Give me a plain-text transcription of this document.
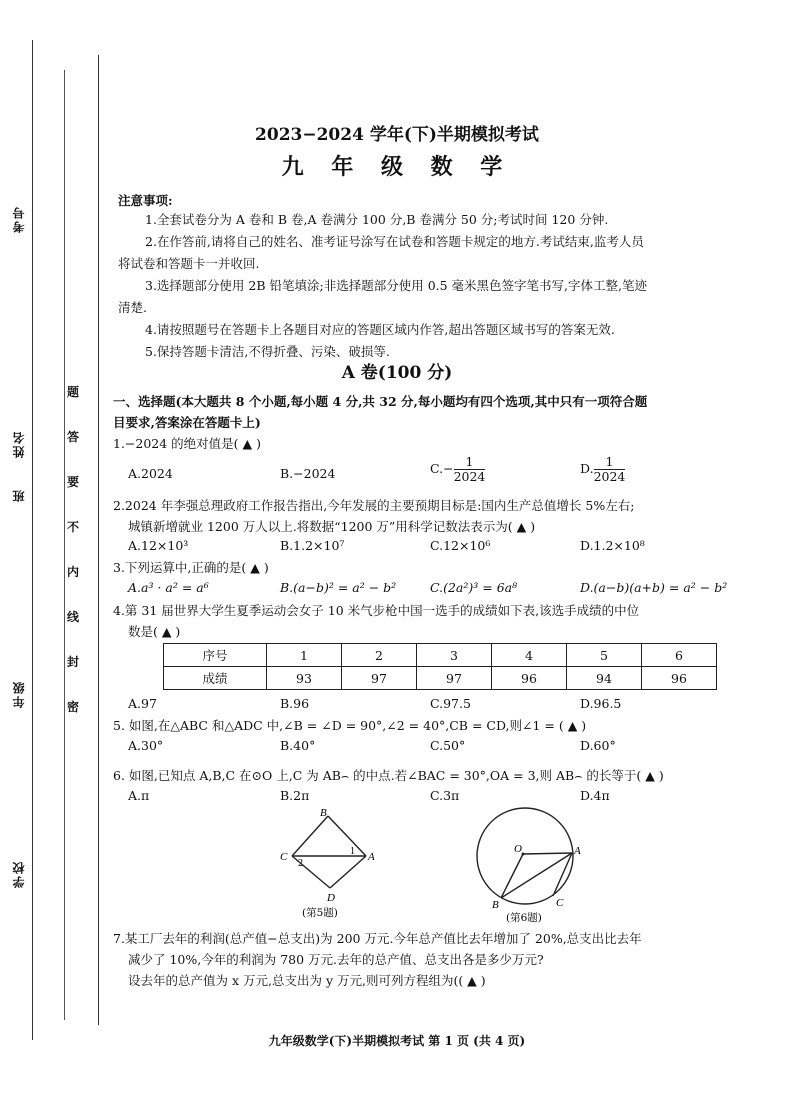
考号
姓名
班
年级
学校
题
答
要
不
内
线
封
密
2023−2024 学年(下)半期模拟考试
九 年 级 数 学
注意事项:
1.全套试卷分为 A 卷和 B 卷,A 卷满分 100 分,B 卷满分 50 分;考试时间 120 分钟.
2.在作答前,请将自己的姓名、准考证号涂写在试卷和答题卡规定的地方.考试结束,监考人员
将试卷和答题卡一并收回.
3.选择题部分使用 2B 铅笔填涂;非选择题部分使用 0.5 毫米黑色签字笔书写,字体工整,笔迹
清楚.
4.请按照题号在答题卡上各题目对应的答题区域内作答,超出答题区域书写的答案无效.
5.保持答题卡清洁,不得折叠、污染、破损等.
A 卷(100 分)
一、选择题(本大题共 8 个小题,每小题 4 分,共 32 分,每小题均有四个选项,其中只有一项符合题
目要求,答案涂在答题卡上)
1.−2024 的绝对值是( ▲ )
A.2024	B.−2024	$C.- \frac{1}{2024}$	D. $\frac{1}{2024}$
2.2024 年李强总理政府工作报告指出,今年发展的主要预期目标是:国内生产总值增长 5%左右;
城镇新增就业 1200 万人以上.将数据“1200 万”用科学记数法表示为( ▲ )
A.12×10³	B.1.2×10⁷	C.12×10⁶	D.1.2×10⁸
3.下列运算中,正确的是( ▲ )
A.a³ · a² = a⁶	B.(a−b)² = a² − b²	C.(2a²)³ = 6a⁸	D.(a−b)(a+b) = a² − b²
4.第 31 届世界大学生夏季运动会女子 10 米气步枪中国一选手的成绩如下表,该选手成绩的中位
数是( ▲ )
序号	1	2	3	4	5	6
成绩	93	97	97	96	94	96
A.97	B.96	C.97.5	D.96.5
5. 如图,在△ABC 和△ADC 中,∠B = ∠D = 90°,∠2 = 40°,CB = CD,则∠1 = ( ▲ )
A.30°	B.40°	C.50°	D.60°
6. 如图,已知点 A,B,C 在⊙O 上,C 为 AB⌢ 的中点.若∠BAC = 30°,OA = 3,则 AB⌢ 的长等于( ▲ )
A.π	B.2π	C.3π	D.4π
B
C	A
D
1
2
(第5题)
O	A
B	C
(第6题)
7.某工厂去年的利润(总产值−总支出)为 200 万元.今年总产值比去年增加了 20%,总支出比去年
减少了 10%,今年的利润为 780 万元.去年的总产值、总支出各是多少万元?
设去年的总产值为 x 万元,总支出为 y 万元,则可列方程组为(( ▲ )
九年级数学(下)半期模拟考试 第 1 页 (共 4 页)
